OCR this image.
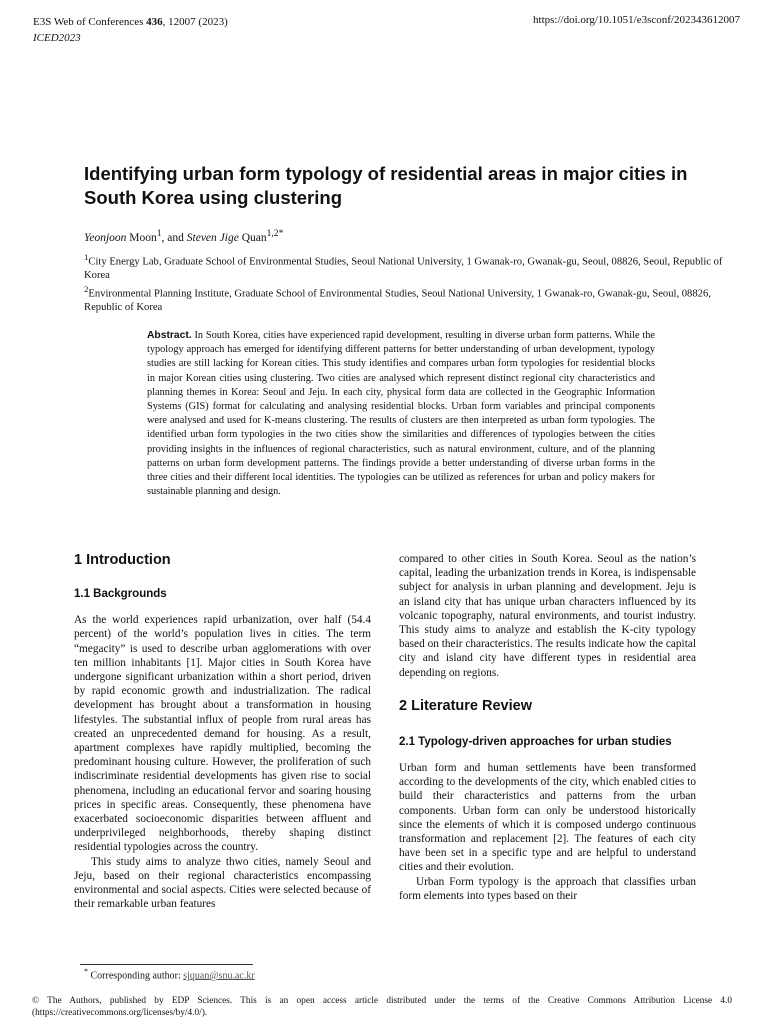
E3S Web of Conferences 436, 12007 (2023)
ICED2023
https://doi.org/10.1051/e3sconf/202343612007
Identifying urban form typology of residential areas in major cities in South Korea using clustering
Yeonjoon Moon$^1$, and Steven Jige Quan$^{1,2*}$

$^1$City Energy Lab, Graduate School of Environmental Studies, Seoul National University, 1 Gwanak-ro, Gwanak-gu, Seoul, 08826, Seoul, Republic of Korea

$^2$Environmental Planning Institute, Graduate School of Environmental Studies, Seoul National University, 1 Gwanak-ro, Gwanak-gu, Seoul, 08826, Republic of Korea

Abstract. In South Korea, cities have experienced rapid development, resulting in diverse urban form patterns. While the typology approach has emerged for identifying different patterns for better understanding of urban development, typology studies are still lacking for Korean cities. This study identifies and compares urban form typologies for residential blocks in major Korean cities using clustering. Two cities are analysed which represent distinct regional city characteristics and planning themes in Korea: Seoul and Jeju. In each city, physical form data are collected in the Geographic Information Systems (GIS) format for calculating and analysing residential blocks. Urban form variables and principal components were analysed and used for K-means clustering. The results of clusters are then interpreted as urban form typologies. The identified urban form typologies in the two cities show the similarities and differences of typologies between the cities providing insights in the influences of regional characteristics, such as natural environment, culture, and of the planning patterns on urban form development patterns. The findings provide a better understanding of diverse urban forms in the three cities and their different local identities. The typologies can be utilized as references for urban and policy makers for sustainable planning and design.

1 Introduction
1.1 Backgrounds

As the world experiences rapid urbanization, over half (54.4 percent) of the world’s population lives in cities. The term “megacity” is used to describe urban agglomerations with over ten million inhabitants [1]. Major cities in South Korea have undergone significant urbanization within a short period, driven by rapid economic growth and industrialization. The radical development has brought about a transformation in housing lifestyles. The substantial influx of people from rural areas has created an unprecedented demand for housing. As a result, apartment complexes have rapidly multiplied, becoming the predominant housing culture. However, the proliferation of such indiscriminate residential developments has given rise to social phenomena, including an educational fervor and soaring housing prices in specific areas. Consequently, these phenomena have exacerbated socioeconomic disparities between affluent and underprivileged neighborhoods, thereby shaping distinct residential typologies across the country.

This study aims to analyze thwo cities, namely Seoul and Jeju, based on their regional characteristics encompassing environmental and social aspects. Cities were selected because of their remarkable urban features

compared to other cities in South Korea. Seoul as the nation’s capital, leading the urbanization trends in Korea, is indispensable subject for analysis in urban planning and development. Jeju is an island city that has unique urban characters influenced by its volcanic topography, natural environments, and tourist industry. This study aims to analyze and establish the K-city typology based on their characteristics. The results indicate how the capital city and island city have different types in residential area depending on regions.

2 Literature Review
2.1 Typology-driven approaches for urban studies

Urban form and human settlements have been transformed according to the developments of the city, which enabled cities to build their characteristics and patterns from the urban components. Urban form can only be understood historically since the elements of which it is composed undergo continuous transformation and replacement [2]. The features of each city have been set in a specific type and are helpful to understand cities and their evolution.

Urban Form typology is the approach that classifies urban form elements into types based on their

* Corresponding author: sjquan@snu.ac.kr
© The Authors, published by EDP Sciences. This is an open access article distributed under the terms of the Creative Commons Attribution License 4.0 (https://creativecommons.org/licenses/by/4.0/).
